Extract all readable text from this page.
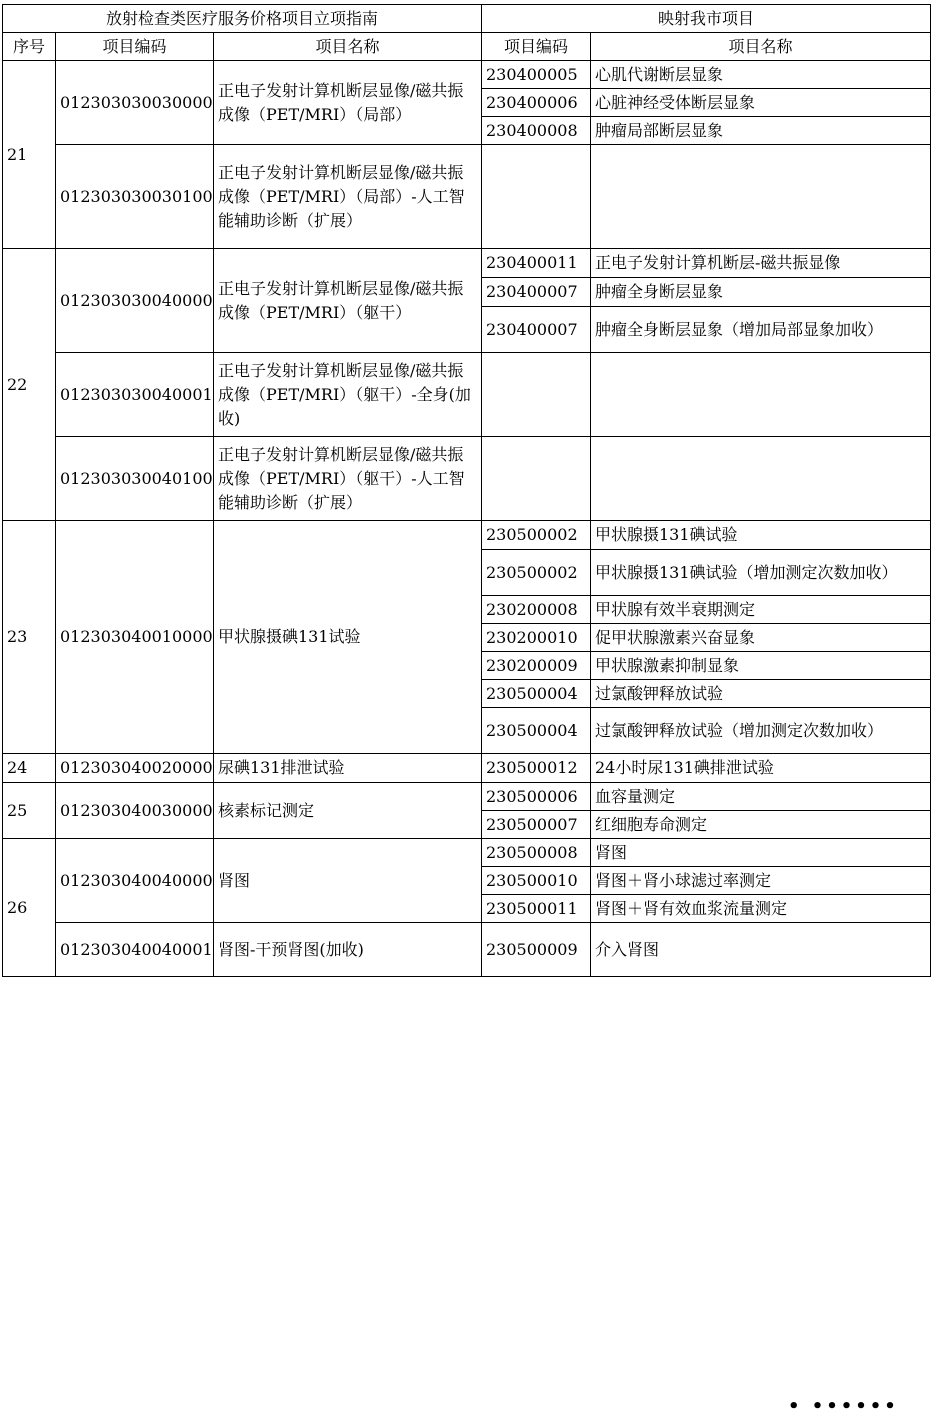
放射检查类医疗服务价格项目立项指南			映射我市项目	
序号	项目编码	项目名称	项目编码	项目名称
21	012303030030000	正电子发射计算机断层显像/磁共振成像（PET/MRI）（局部）	230400005	心肌代谢断层显象
			230400006	心脏神经受体断层显象
			230400008	肿瘤局部断层显象
	012303030030100	正电子发射计算机断层显像/磁共振成像（PET/MRI）（局部）-人工智能辅助诊断（扩展）		
22	012303030040000	正电子发射计算机断层显像/磁共振成像（PET/MRI）（躯干）	230400011	正电子发射计算机断层-磁共振显像
			230400007	肿瘤全身断层显象
			230400007	肿瘤全身断层显象（增加局部显象加收）
	012303030040001	正电子发射计算机断层显像/磁共振成像（PET/MRI）（躯干）-全身(加收)		
	012303030040100	正电子发射计算机断层显像/磁共振成像（PET/MRI）（躯干）-人工智能辅助诊断（扩展）		
23	012303040010000	甲状腺摄碘131试验	230500002	甲状腺摄131碘试验
			230500002	甲状腺摄131碘试验（增加测定次数加收）
			230200008	甲状腺有效半衰期测定
			230200010	促甲状腺激素兴奋显象
			230200009	甲状腺激素抑制显象
			230500004	过氯酸钾释放试验
			230500004	过氯酸钾释放试验（增加测定次数加收）
24	012303040020000	尿碘131排泄试验	230500012	24小时尿131碘排泄试验
25	012303040030000	核素标记测定	230500006	血容量测定
			230500007	红细胞寿命测定
26	012303040040000	肾图	230500008	肾图
			230500010	肾图＋肾小球滤过率测定
			230500011	肾图＋肾有效血浆流量测定
	012303040040001	肾图-干预肾图(加收)	230500009	介入肾图
• ••••••
